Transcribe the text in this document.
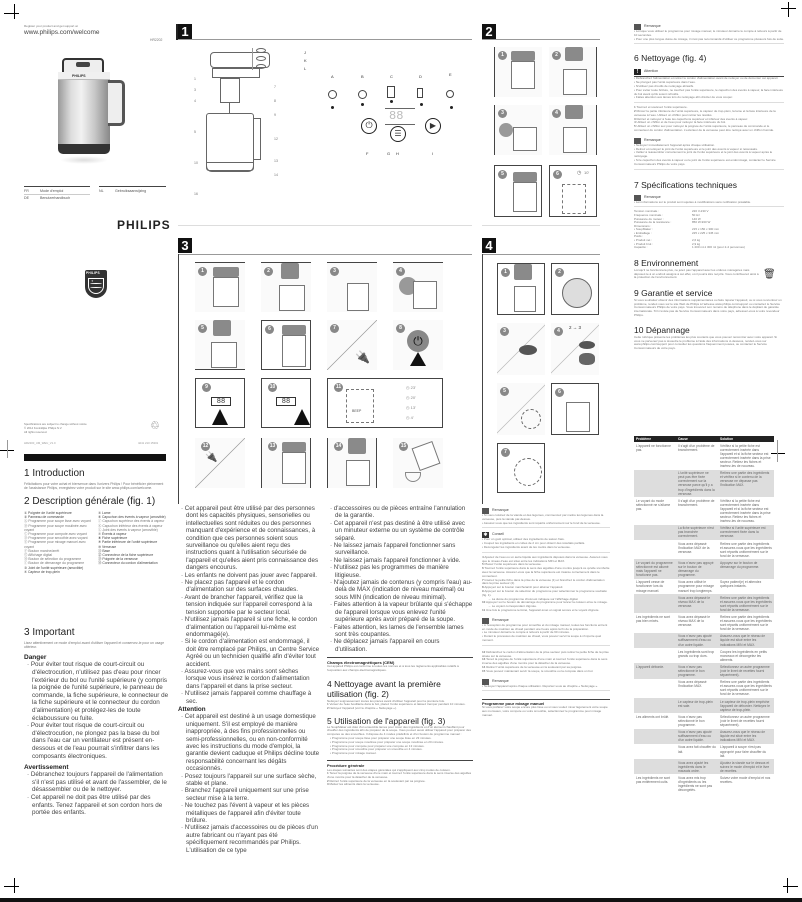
Register your product and get support at
www.philips.com/welcome
HR2202
PHILIPS
FR	Mode d'emploi
DE	Benutzerhandbuch
NL	Gebruiksaanwijzing
PHILIPS
PHILIPS
✦
Specifications are subject to change without notice
© 2014 Koninklijke Philips N.V.
All rights reserved.
HR2200_UM_WEU_V1.0	4241 210 15301
♲
Français
1 Introduction
Félicitations pour votre achat et bienvenue dans l'univers Philips ! Pour bénéficier pleinement de l'assistance Philips, enregistrez votre produit sur le site www.philips.com/welcome.
2 Description générale (fig. 1)
① Poignée de l'unité supérieure
② Panneau de commande
Ⓐ Programme pour soupe lisse avec voyant
Ⓑ Programme pour soupe moulinée avec voyant
Ⓒ Programme pour compote avec voyant
Ⓓ Programme pour smoothie avec voyant
Ⓔ Programme pour mixage manuel avec voyant
Ⓕ Bouton marche/arrêt
Ⓖ Affichage digital
Ⓗ Bouton de sélection du programme
Ⓘ Bouton de démarrage du programme
③ Joint de l'unité supérieure (amovible)
④ Capteur de trop-plein
⑤ Lame
⑥ Capuchon des évents à vapeur (amovible)
Ⓙ Capuchon supérieur des évents à vapeur
Ⓚ Capuchon inférieur des évents à vapeur
Ⓛ Joint des évents à vapeur (amovible)
⑦ Évents à vapeur
⑧ Fiche supérieure
⑨ Partie inférieure de l'unité supérieure
⑩ Verseuse
⑪ Base
⑫ Connecteur de la fiche supérieure
⑬ Poignée de la verseuse
⑭ Connecteur du cordon d'alimentation
3 Important
Lisez attentivement ce mode d'emploi avant d'utiliser l'appareil et conservez-le pour un usage ultérieur.
Danger
· Pour éviter tout risque de court-circuit ou d'électrocution, n'utilisez pas d'eau pour rincer l'extérieur du bol ou l'unité supérieure (y compris la poignée de l'unité supérieure, le panneau de commande, la fiche supérieure, le connecteur de la fiche supérieure et le connecteur du cordon d'alimentation) et protégez-les de toute éclaboussure ou fuite.
· Pour éviter tout risque de court-circuit ou d'électrocution, ne plongez pas la base du bol dans l'eau car un ventilateur est présent en-dessous et de l'eau pourrait s'infiltrer dans les composants électroniques.
Avertissement
· Débranchez toujours l'appareil de l'alimentation s'il n'est pas utilisé et avant de l'assembler, de le désassembler ou de le nettoyer.
· Cet appareil ne doit pas être utilisé par des enfants. Tenez l'appareil et son cordon hors de portée des enfants.
1
J
K
L
1
3
4
5
10
16
7
8
9
12
13
14
A	B	C	D	E
88
⏻
☰
▶
F	G H	I
2
1	2
3	4
5	6	◷ 10'
3
1	2	3	4
5	6	7
🔌
8
⏻
9
88
10
88
11
BEEP
◷ 23'
◷ 20'
◷ 13'
◷ 4'
12
🔌
13	14	15
4
1	2
3	4
2 → 3
5	6
7
· Cet appareil peut être utilisé par des personnes dont les capacités physiques, sensorielles ou intellectuelles sont réduites ou des personnes manquant d'expérience et de connaissances, à condition que ces personnes soient sous surveillance ou qu'elles aient reçu des instructions quant à l'utilisation sécurisée de l'appareil et qu'elles aient pris connaissance des dangers encourus.
· Les enfants ne doivent pas jouer avec l'appareil.
· Ne placez pas l'appareil et le cordon d'alimentation sur des surfaces chaudes.
· Avant de brancher l'appareil, vérifiez que la tension indiquée sur l'appareil correspond à la tension supportée par le secteur local.
· N'utilisez jamais l'appareil si une fiche, le cordon d'alimentation ou l'appareil lui-même est endommagé(e).
· Si le cordon d'alimentation est endommagé, il doit être remplacé par Philips, un Centre Service Agréé ou un technicien qualifié afin d'éviter tout accident.
· Assurez-vous que vos mains sont sèches lorsque vous insérez le cordon d'alimentation dans l'appareil et dans la prise secteur.
· N'utilisez jamais l'appareil comme chauffage à sec.
Attention
· Cet appareil est destiné à un usage domestique uniquement. S'il est employé de manière inappropriée, à des fins professionnelles ou semi-professionnelles, ou en non-conformité avec les instructions du mode d'emploi, la garantie devient caduque et Philips décline toute responsabilité concernant les dégâts occasionnés.
· Posez toujours l'appareil sur une surface sèche, stable et plane.
· Branchez l'appareil uniquement sur une prise secteur mise à la terre.
· Ne touchez pas l'évent à vapeur et les pièces métalliques de l'appareil afin d'éviter toute brûlure.
· N'utilisez jamais d'accessoires ou de pièces d'un autre fabricant ou n'ayant pas été spécifiquement recommandés par Philips. L'utilisation de ce type
· d'accessoires ou de pièces entraîne l'annulation de la garantie.
· Cet appareil n'est pas destiné à être utilisé avec un minuteur externe ou un système de contrôle séparé.
· Ne laissez jamais l'appareil fonctionner sans surveillance.
· Ne laissez jamais l'appareil fonctionner à vide.
· N'utilisez pas les programmes de manière litigieuse.
· N'ajoutez jamais de contenus (y compris l'eau) au-delà de MAX (indication de niveau maximal) ou sous MIN (indication de niveau minimal).
· Faites attention à la vapeur brûlante qui s'échappe de l'appareil lorsque vous enlevez l'unité supérieure après avoir préparé de la soupe.
· Faites attention, les lames de l'ensemble lames sont très coupantes.
· Ne déplacez jamais l'appareil en cours d'utilisation.
Champs électromagnétiques (CEM)
Cet appareil Philips est conforme à toutes les normes et à tous les règlements applicables relatifs à l'exposition aux champs électromagnétiques.
4 Nettoyage avant la première utilisation (fig. 2)
Nettoyez soigneusement toutes les pièces avant d'utiliser l'appareil pour la première fois.
1 Versez de l'eau bouillante dans le bol, placez l'unité supérieure et laissez tremper pendant 10 minutes.
2 Nettoyez l'appareil (voir le chapitre « Nettoyage »).
5 Utilisation de l'appareil (fig. 3)
Le SoupMaker est doté d'un ensemble lames pour mixer des ingrédients et d'un élément chauffant pour chauffer des ingrédients afin de préparer de la soupe. Vous pouvez aussi utiliser l'appareil pour préparer des compotes ou des smoothies. Il dispose de 4 modes prédéfinis et d'un bouton de programme manuel :
• Programme pour soupe lisse pour préparer une soupe lisse en 23 minutes.
• Programme pour soupe moulinée pour préparer une soupe moulinée en 20 minutes.
• Programme pour compote pour préparer une compote en 13 minutes.
• Programme pour smoothie pour préparer un smoothie en 4 minutes.
• Programme pour mixage manuel.
Procédure générale
Les étapes suivantes sont des étapes générales qui s'appliquent aux cinq modes de cuisson.
1 Tenez la poignée de la verseuse d'une main et tournez l'unité supérieure dans le sens inverse des aiguilles d'une montre pour la détacher de la verseuse.
2 Retirez l'unité supérieure de la verseuse en la soulevant par sa poignée.
3 Mettez les aliments dans la verseuse.
Remarque
• Si vous cuisinez de la viande et des légumes, commencez par mettre les légumes dans la verseuse, puis la viande par-dessus.
• Assurez-vous que les ingrédients sont répartis uniformément sur le fond de la verseuse.
✱ Conseil
• Pour un goût optimal, utilisez des ingrédients de saison frais.
• Coupez les ingrédients en cubes de 2 cm pour obtenir des résultats parfaits.
• Décongelez les ingrédients avant de les mettre dans la verseuse.
4 Ajoutez de l'eau ou un autre liquide aux ingrédients déposés dans la verseuse. Assurez-vous que le niveau d'eau est situé entre les indications MIN et MAX.
5 Placez l'unité supérieure dans la verseuse.
6 Tournez l'unité supérieure dans le sens des aiguilles d'une montre jusqu'à ce qu'elle s'emboîte avec la verseuse. Assurez-vous que la fiche supérieure est insérée correctement dans le connecteur.
7 Insérez la petite fiche dans la prise de la verseuse (1) et branchez le cordon d'alimentation dans la prise secteur (2).
8 Appuyez sur le bouton marche/arrêt pour allumer l'appareil.
9 Appuyez sur le bouton de sélection du programme pour sélectionner le programme souhaité (fig. 1).
→ La durée du programme choisi est indiquée sur l'affichage digital.
10 Appuyez sur le bouton de démarrage du programme pour lancer la cuisson et/ou le mixage.
→ Le voyant correspondant clignote.
11 Une fois le programme terminé, l'appareil émet un signal sonore et le voyant clignote.
Remarque
• À l'exception du programme pour smoothie et du mixage manuel, toutes les fonctions entrent en mode de maintien au chaud pendant une heure après la fin de la préparation.
• Le minuteur démarre le compte à rebours à partir de 60 minutes.
• Durant le processus de maintien au chaud, vous pouvez servir la soupe à n'importe quel moment.
12 Débranchez le cordon d'alimentation de la prise secteur puis retirez la petite fiche de la prise située sur la verseuse.
13 Tenez la poignée de l'unité supérieure d'une main et tournez l'unité supérieure dans le sens inverse des aiguilles d'une montre pour la détacher de la verseuse.
14 Retirez l'unité supérieure de la verseuse en la soulevant par sa poignée.
15 Vous pouvez maintenant servir la soupe, le smoothie ou la compote dans un bol.
Remarque
• Nettoyez l'appareil après chaque utilisation. Reportez-vous au chapitre « Nettoyage ».
Programme pour mixage manuel
Si vous préférez votre soupe encore plus lisse ou si vous voulez mixer légèrement votre soupe aux morceaux, votre compote ou votre smoothie, sélectionnez le programme pour mixage manuel.
Remarque
• Lorsque vous utilisez le programme pour mixage manuel, le minuteur démarre le compte à rebours à partir de 10 secondes.
• Pour une plus longue durée de mixage, il n'est pas recommandé d'utiliser ce programme plusieurs fois de suite.
6 Nettoyage (fig. 4)
! Attention
• Débranchez l'alimentation et retirez le cordon d'alimentation avant de nettoyer ou de démonter cet appareil.
• Ne plongez pas l'unité supérieure dans l'eau.
• N'utilisez pas d'outils de nettoyage abrasifs.
• Pour éviter toute brûlure, ne touchez pas l'unité supérieure, le capuchon des évents à vapeur, la face intérieure du bol avant qu'ils soient refroidis.
• Faites attention aux lames lors du nettoyage afin d'éviter de vous couper.
1 Tournez et soulevez l'unité supérieure.
2 Rincez la partie inférieure de l'unité supérieure, le capteur de trop-plein, la lame et la face intérieure de la verseuse à l'eau. Utilisez un chiffon pour retirer les résidus.
3 Retirez et nettoyez à l'eau les capuchons supérieur et inférieur des évents à vapeur.
4 Utilisez un chiffon et de l'eau pour nettoyer la face intérieure du bol.
5 Utilisez un chiffon sec pour nettoyer la poignée de l'unité supérieure, le panneau de commande et le connecteur du cordon d'alimentation. L'extérieur de la verseuse peut être nettoyé avec un chiffon humide.
Remarque
• Nettoyez immédiatement l'appareil après chaque utilisation.
• Retirez et nettoyez le joint de l'unité supérieure et le joint des évents à vapeur si nécessaire.
• Veillez à réassembler correctement le joint de l'unité supérieure et le joint des évents à vapeur après le nettoyage.
• Si le capuchon des évents à vapeur ou le joint de l'unité supérieure est endommagé, contactez le Service Consommateurs Philips de votre pays.
7 Spécifications techniques
Remarque
• Les informations sur le produit sont sujettes à modifications sans notification préalable.
Tension nominale :	220 V-230 V
Fréquence nominale :	50 Hz
Puissance du moteur :	140 W
Puissance de la résistance :	850 W-930 W
Dimensions :	
• SoupMaker :	215 x 150 x 300 mm
• Emballage :	225 x 225 x 345 mm
Poids :	
• Produit net :	2,6 kg
• Produit brut :	2,9 kg
Capacité :	1 200 ml-1 300 ml (pour 2-4 personnes)
8 Environnement
Lorsqu'il ne fonctionnera plus, ne jetez pas l'appareil avec les ordures ménagères mais déposez-le à un endroit assigné à cet effet, où il pourra être recyclé. Vous contribuerez ainsi à la protection de l'environnement.	🗑
9 Garantie et service
Si vous souhaitez obtenir des informations supplémentaires ou faire réparer l'appareil, ou si vous rencontrez un problème, rendez-vous sur le site Web de Philips à l'adresse www.philips.com/support ou contactez le Service Consommateurs Philips de votre pays. Vous trouverez son numéro de téléphone dans le dépliant de garantie internationale. S'il n'existe pas de Service Consommateurs dans votre pays, adressez-vous à votre revendeur Philips.
10 Dépannage
Cette rubrique présente les problèmes les plus courants que vous pouvez rencontrer avec votre appareil. Si vous ne parvenez pas à résoudre le problème à l'aide des informations ci-dessous, rendez-vous sur www.philips.com/support pour consulter les questions fréquemment posées, ou contactez le Service Consommateurs de votre pays.
Problème	Cause	Solution
L'appareil ne fonctionne pas.	Il s'agit d'un problème de branchement.	Vérifiez si la petite fiche est correctement insérée dans l'appareil et si la fiche secteur est correctement insérée dans la prise secteur. Retirez les fiches et insérez-les de nouveau.
	L'unité supérieure ne peut pas être fixée correctement sur la verseuse parce qu'il y a trop d'ingrédients dans la verseuse.	Retirez une partie des ingrédients et vérifiez si le contenu de la verseuse ne dépasse pas l'indication MAX.
Le voyant du mode sélectionné ne s'allume pas.	Il s'agit d'un problème de branchement.	Vérifiez si la petite fiche est correctement insérée dans l'appareil et si la fiche secteur est correctement insérée dans la prise secteur. Retirez les fiches et insérez-les de nouveau.
	La fiche supérieure n'est pas branchée correctement.	Vérifiez si l'unité supérieure est correctement fixée dans la verseuse.
	Vous avez dépassé l'indication MAX de la verseuse.	Retirez une partie des ingrédients et assurez-vous que les ingrédients sont répartis uniformément sur le fond de la verseuse.
Le voyant du programme sélectionné est allumé mais l'appareil ne fonctionne pas.	Vous n'avez pas appuyé sur le bouton de démarrage du programme.	Appuyez sur le bouton de démarrage du programme.
L'appareil cesse de fonctionner lors du mixage manuel.	Vous avez utilisé le programme pour mixage manuel trop longtemps.	Soyez patient(e) et attendez quelques instants.
	Vous avez dépassé le niveau MAX de la verseuse.	Retirez une partie des ingrédients et assurez-vous que les ingrédients sont répartis uniformément sur le fond de la verseuse.
Les ingrédients ne sont pas bien mixés.	Vous avez dépassé le niveau MAX de la verseuse.	Retirez une partie des ingrédients et assurez-vous que les ingrédients sont répartis uniformément sur le fond de la verseuse.
	Vous n'avez pas ajouté suffisamment d'eau ou d'un autre liquide.	Assurez-vous que le niveau de liquide est situé entre les indications MIN et MAX.
	Les ingrédients sont trop grands ou trop durs.	Coupez les ingrédients en petits morceaux et décongelez les aliments.
L'appareil déborde.	Vous n'avez pas sélectionné le bon programme.	Sélectionnez un autre programme (voir le livret de recettes fourni séparément).
	Vous avez dépassé l'indication MAX.	Retirez une partie des ingrédients et assurez-vous que les ingrédients sont répartis uniformément sur le fond de la verseuse.
	Le capteur de trop-plein est sale.	Le capteur de trop-plein empêche l'appareil de déborder. Nettoyez le capteur de trop-plein.
Les aliments ont brûlé.	Vous n'avez pas sélectionné le bon programme.	Sélectionnez un autre programme (voir le livret de recettes fourni séparément).
	Vous n'avez pas ajouté suffisamment d'eau ou d'un autre liquide.	Assurez-vous que le niveau de liquide est situé entre les indications MIN et MAX.
	Vous avez fait chauffer du lait.	L'appareil à soupe n'est pas approprié pour faire chauffer du lait.
	Vous avez ajouté les ingrédients dans le mauvais ordre.	Ajoutez la viande sur le dessus et suivez le mode d'emploi et le livre de recettes.
Les ingrédients ne sont pas entièrement cuits.	Vous avez mis trop d'ingrédients ou les ingrédients ne sont pas décongelés.	Suivez votre mode d'emploi et nos recettes.
